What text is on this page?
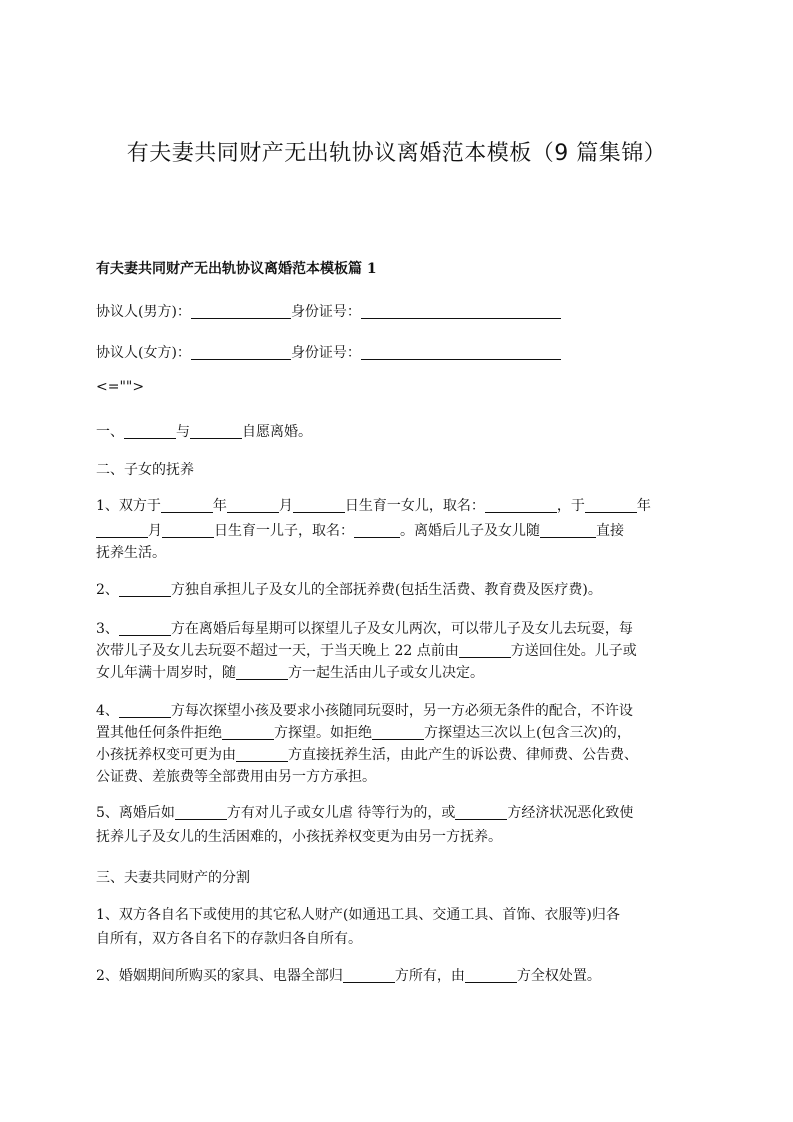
有夫妻共同财产无出轨协议离婚范本模板（9 篇集锦）
有夫妻共同财产无出轨协议离婚范本模板篇 1
协议人(男方)：	身份证号：
协议人(女方)：	身份证号：
<="">
一、	与	自愿离婚。
二、子女的抚养
1、双方于	年	月	日生育一女儿，取名：	，于	年
月	日生育一儿子，取名：	。离婚后儿子及女儿随	直接
抚养生活。
2、	方独自承担儿子及女儿的全部抚养费(包括生活费、教育费及医疗费)。
3、	方在离婚后每星期可以探望儿子及女儿两次，可以带儿子及女儿去玩耍，每
次带儿子及女儿去玩耍不超过一天，于当天晚上 22 点前由	方送回住处。儿子或
女儿年满十周岁时，随	方一起生活由儿子或女儿决定。
4、	方每次探望小孩及要求小孩随同玩耍时，另一方必须无条件的配合，不许设
置其他任何条件拒绝	方探望。如拒绝	方探望达三次以上(包含三次)的，
小孩抚养权变可更为由	方直接抚养生活，由此产生的诉讼费、律师费、公告费、
公证费、差旅费等全部费用由另一方方承担。
5、离婚后如	方有对儿子或女儿虐 待等行为的，或	方经济状况恶化致使
抚养儿子及女儿的生活困难的，小孩抚养权变更为由另一方抚养。
三、夫妻共同财产的分割
1、双方各自名下或使用的其它私人财产(如通迅工具、交通工具、首饰、衣服等)归各
自所有，双方各自名下的存款归各自所有。
2、婚姻期间所购买的家具、电器全部归	方所有，由	方全权处置。
